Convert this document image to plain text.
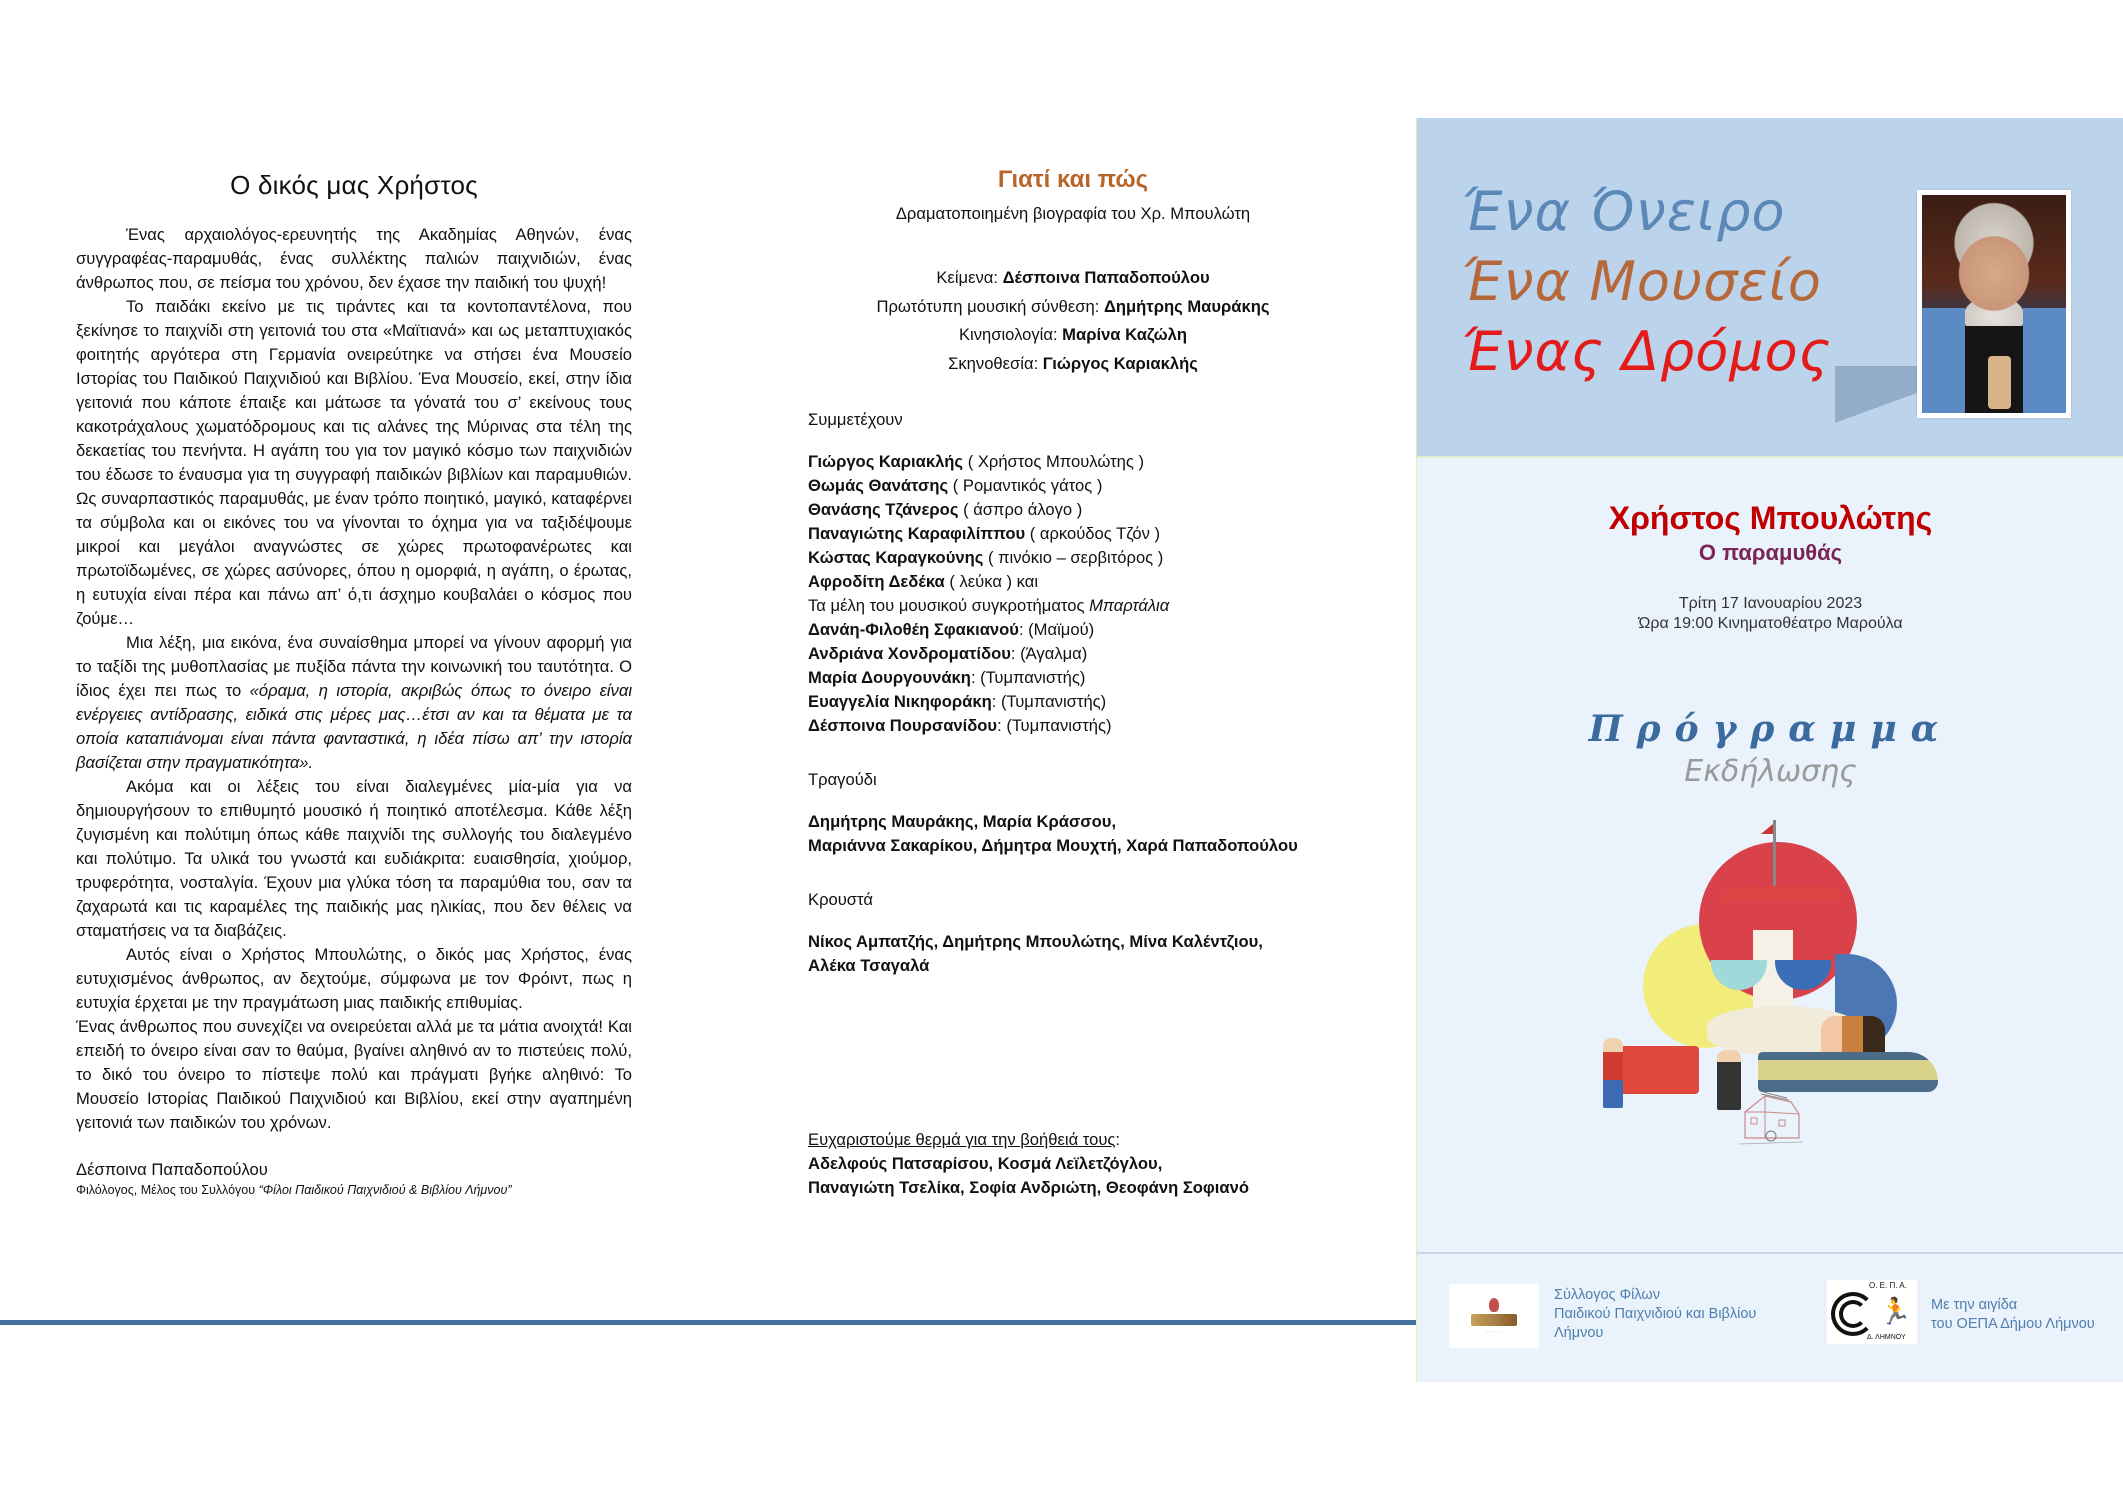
Ο δικός μας Χρήστος

Ένας αρχαιολόγος-ερευνητής της Ακαδημίας Αθηνών, ένας συγγραφέας-παραμυθάς, ένας συλλέκτης παλιών παιχνιδιών, ένας άνθρωπος που, σε πείσμα του χρόνου, δεν έχασε την παιδική του ψυχή!

Το παιδάκι εκείνο με τις τιράντες και τα κοντοπαντέλονα, που ξεκίνησε το παιχνίδι στη γειτονιά του στα «Μαϊτιανά» και ως μεταπτυχιακός φοιτητής αργότερα στη Γερμανία ονειρεύτηκε να στήσει ένα Μουσείο Ιστορίας του Παιδικού Παιχνιδιού και Βιβλίου. Ένα Μουσείο, εκεί, στην ίδια γειτονιά που κάποτε έπαιξε και μάτωσε τα γόνατά του σ’ εκείνους τους κακοτράχαλους χωματόδρομους και τις αλάνες της Μύρινας στα τέλη της δεκαετίας του πενήντα. Η αγάπη του για τον μαγικό κόσμο των παιχνιδιών του έδωσε το έναυσμα για τη συγγραφή παιδικών βιβλίων και παραμυθιών. Ως συναρπαστικός παραμυθάς, με έναν τρόπο ποιητικό, μαγικό, καταφέρνει τα σύμβολα και οι εικόνες του να γίνονται το όχημα για να ταξιδέψουμε μικροί και μεγάλοι αναγνώστες σε χώρες πρωτοφανέρωτες και πρωτοϊδωμένες, σε χώρες ασύνορες, όπου η ομορφιά, η αγάπη, ο έρωτας, η ευτυχία είναι πέρα και πάνω απ’ ό,τι άσχημο κουβαλάει ο κόσμος που ζούμε…

Μια λέξη, μια εικόνα, ένα συναίσθημα μπορεί να γίνουν αφορμή για το ταξίδι της μυθοπλασίας με πυξίδα πάντα την κοινωνική του ταυτότητα. Ο ίδιος έχει πει πως το «όραμα, η ιστορία, ακριβώς όπως το όνειρο είναι ενέργειες αντίδρασης, ειδικά στις μέρες μας…έτσι αν και τα θέματα με τα οποία καταπιάνομαι είναι πάντα φανταστικά, η ιδέα πίσω απ’ την ιστορία βασίζεται στην πραγματικότητα».

Ακόμα και οι λέξεις του είναι διαλεγμένες μία-μία για να δημιουργήσουν το επιθυμητό μουσικό ή ποιητικό αποτέλεσμα. Κάθε λέξη ζυγισμένη και πολύτιμη όπως κάθε παιχνίδι της συλλογής του διαλεγμένο και πολύτιμο. Τα υλικά του γνωστά και ευδιάκριτα: ευαισθησία, χιούμορ, τρυφερότητα, νοσταλγία. Έχουν μια γλύκα τόση τα παραμύθια του, σαν τα ζαχαρωτά και τις καραμέλες της παιδικής μας ηλικίας, που δεν θέλεις να σταματήσεις να τα διαβάζεις.

Αυτός είναι ο Χρήστος Μπουλώτης, ο δικός μας Χρήστος, ένας ευτυχισμένος άνθρωπος, αν δεχτούμε, σύμφωνα με τον Φρόιντ, πως η ευτυχία έρχεται με την πραγμάτωση μιας παιδικής επιθυμίας.

Ένας άνθρωπος που συνεχίζει να ονειρεύεται αλλά με τα μάτια ανοιχτά! Και επειδή το όνειρο είναι σαν το θαύμα, βγαίνει αληθινό αν το πιστεύεις πολύ, το δικό του όνειρο το πίστεψε πολύ και πράγματι βγήκε αληθινό: Το Μουσείο Ιστορίας Παιδικού Παιχνιδιού και Βιβλίου, εκεί στην αγαπημένη γειτονιά των παιδικών του χρόνων.

Δέσποινα Παπαδοπούλου
Φιλόλογος, Μέλος του Συλλόγου “Φίλοι Παιδικού Παιχνιδιού & Βιβλίου Λήμνου”
Γιατί και πώς
Δραματοποιημένη βιογραφία του Χρ. Μπουλώτη
Κείμενα: Δέσποινα Παπαδοπούλου
Πρωτότυπη μουσική σύνθεση: Δημήτρης Μαυράκης
Κινησιολογία: Μαρίνα Καζώλη
Σκηνοθεσία: Γιώργος Καριακλής
Συμμετέχουν
Γιώργος Καριακλής ( Χρήστος Μπουλώτης )
Θωμάς Θανάτσης ( Ρομαντικός γάτος )
Θανάσης Τζάνερος ( άσπρο άλογο )
Παναγιώτης Καραφιλίππου ( αρκούδος Τζόν )
Κώστας Καραγκούνης ( πινόκιο – σερβιτόρος )
Αφροδίτη Δεδέκα ( λεύκα ) και
Τα μέλη του μουσικού συγκροτήματος Μπαρτάλια
Δανάη-Φιλοθέη Σφακιανού: (Μαϊμού)
Ανδριάνα Χονδροματίδου: (Άγαλμα)
Μαρία Δουργουνάκη: (Τυμπανιστής)
Ευαγγελία Νικηφοράκη: (Τυμπανιστής)
Δέσποινα Πουρσανίδου: (Τυμπανιστής)
Τραγούδι
Δημήτρης Μαυράκης, Μαρία Κράσσου,
Μαριάννα Σακαρίκου, Δήμητρα Μουχτή, Χαρά Παπαδοπούλου
Κρουστά
Νίκος Αμπατζής, Δημήτρης Μπουλώτης, Μίνα Καλέντζιου,
Αλέκα Τσαγαλά
Ευχαριστούμε θερμά για την βοήθειά τους:
Αδελφούς Πατσαρίσου, Κοσμά Λεϊλετζόγλου,
Παναγιώτη Τσελίκα, Σοφία Ανδριώτη, Θεοφάνη Σοφιανό
Ένα Όνειρο
Ένα Μουσείο
Ένας Δρόμος
Χρήστος Μπουλώτης
Ο παραμυθάς
Τρίτη 17 Ιανουαρίου 2023
Ώρα 19:00 Κινηματοθέατρο Μαρούλα
Πρόγραμμα
Εκδήλωσης
· · · · · · · ·
Σύλλογος Φίλων
Παιδικού Παιχνιδιού και Βιβλίου
Λήμνου
Ο. Ε. Π. Α.
🏃
Δ. ΛΗΜΝΟΥ
Με την αιγίδα
του ΟΕΠΑ Δήμου Λήμνου
